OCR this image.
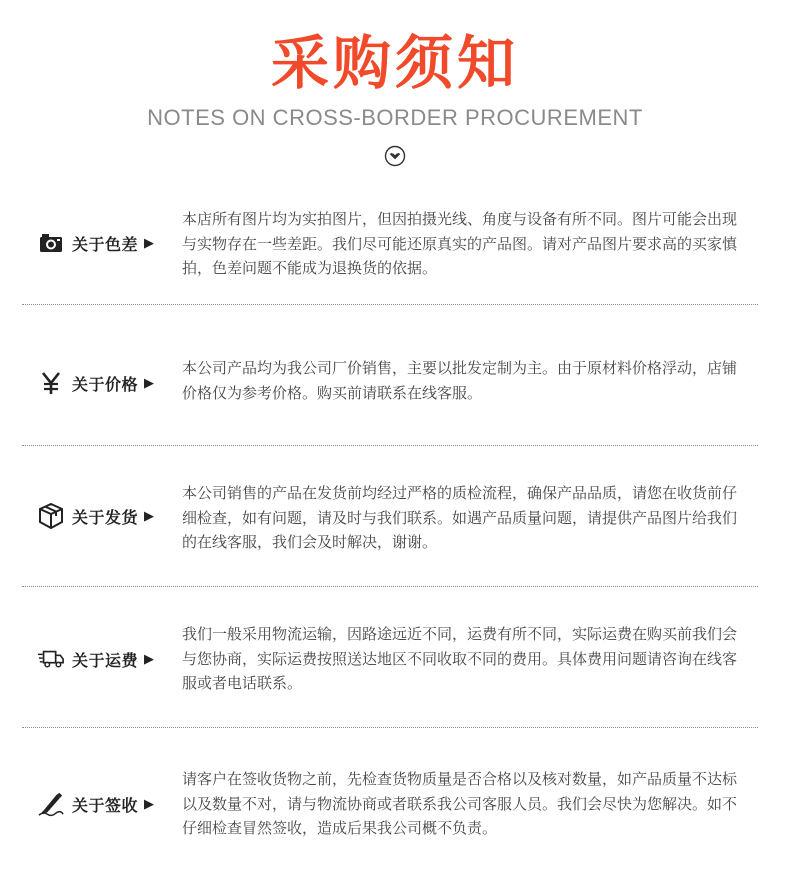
采购须知
NOTES ON CROSS-BORDER PROCUREMENT
关于色差 ▶
本店所有图片均为实拍图片，但因拍摄光线、角度与设备有所不同。图片可能会出现与实物存在一些差距。我们尽可能还原真实的产品图。请对产品图片要求高的买家慎拍，色差问题不能成为退换货的依据。
关于价格 ▶
本公司产品均为我公司厂价销售，主要以批发定制为主。由于原材料价格浮动，店铺价格仅为参考价格。购买前请联系在线客服。
关于发货 ▶
本公司销售的产品在发货前均经过严格的质检流程，确保产品品质，请您在收货前仔细检查，如有问题，请及时与我们联系。如遇产品质量问题，请提供产品图片给我们的在线客服，我们会及时解决，谢谢。
关于运费 ▶
我们一般采用物流运输，因路途远近不同，运费有所不同，实际运费在购买前我们会与您协商，实际运费按照送达地区不同收取不同的费用。具体费用问题请咨询在线客服或者电话联系。
关于签收 ▶
请客户在签收货物之前，先检查货物质量是否合格以及核对数量，如产品质量不达标以及数量不对，请与物流协商或者联系我公司客服人员。我们会尽快为您解决。如不仔细检查冒然签收，造成后果我公司概不负责。
